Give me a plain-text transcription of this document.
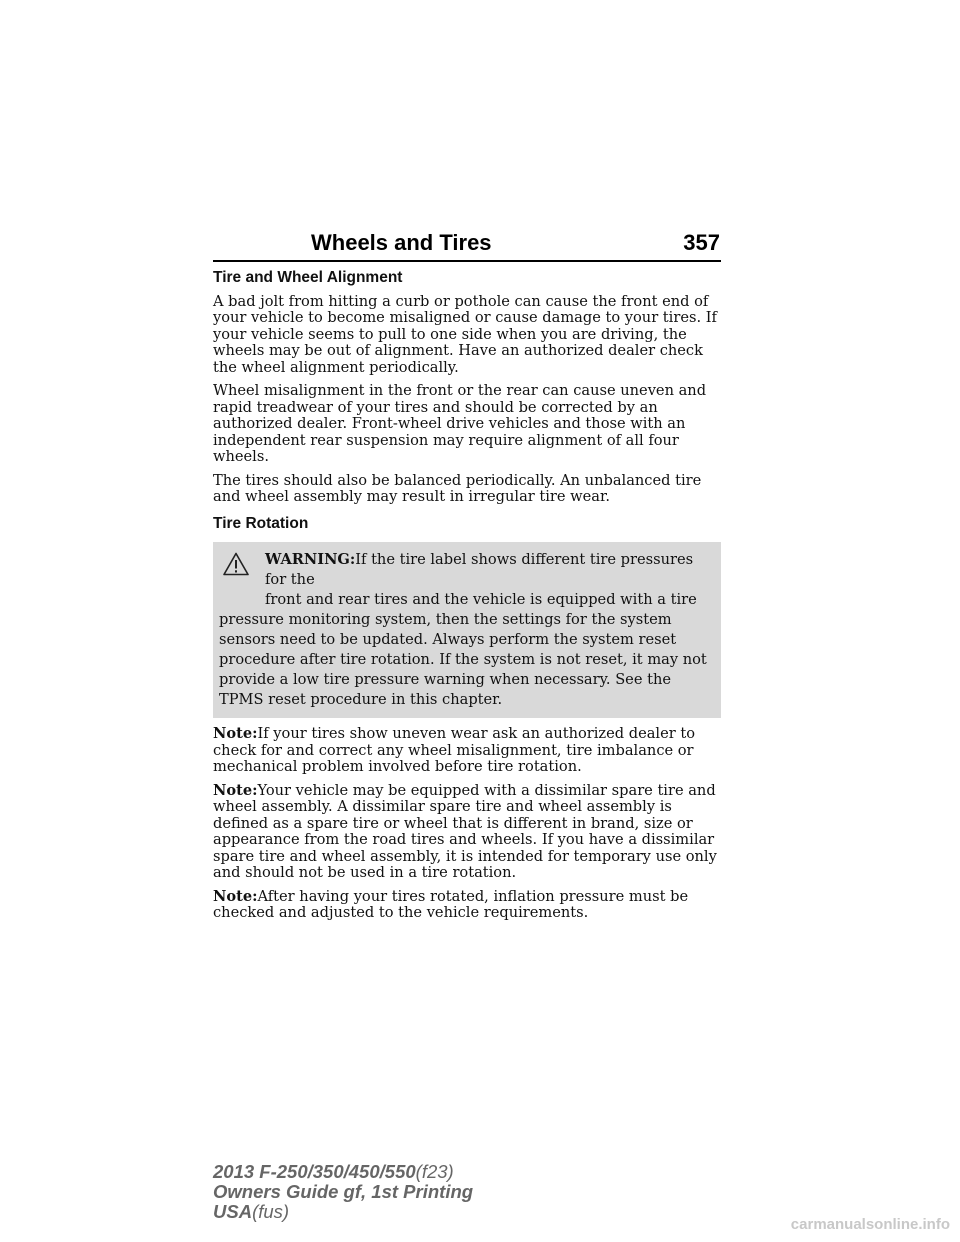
Wheels and Tires	357
Tire and Wheel Alignment

A bad jolt from hitting a curb or pothole can cause the front end of your vehicle to become misaligned or cause damage to your tires. If your vehicle seems to pull to one side when you are driving, the wheels may be out of alignment. Have an authorized dealer check the wheel alignment periodically.

Wheel misalignment in the front or the rear can cause uneven and rapid treadwear of your tires and should be corrected by an authorized dealer. Front-wheel drive vehicles and those with an independent rear suspension may require alignment of all four wheels.

The tires should also be balanced periodically. An unbalanced tire and wheel assembly may result in irregular tire wear.

Tire Rotation
WARNING:If the tire label shows different tire pressures for the
front and rear tires and the vehicle is equipped with a tire
pressure monitoring system, then the settings for the system sensors need to be updated. Always perform the system reset procedure after tire rotation. If the system is not reset, it may not provide a low tire pressure warning when necessary. See the TPMS reset procedure in this chapter.

Note:If your tires show uneven wear ask an authorized dealer to check for and correct any wheel misalignment, tire imbalance or mechanical problem involved before tire rotation.

Note:Your vehicle may be equipped with a dissimilar spare tire and wheel assembly. A dissimilar spare tire and wheel assembly is defined as a spare tire or wheel that is different in brand, size or appearance from the road tires and wheels. If you have a dissimilar spare tire and wheel assembly, it is intended for temporary use only and should not be used in a tire rotation.

Note:After having your tires rotated, inflation pressure must be checked and adjusted to the vehicle requirements.

2013 F-250/350/450/550(f23)
Owners Guide gf, 1st Printing
USA(fus)
carmanualsonline.info
